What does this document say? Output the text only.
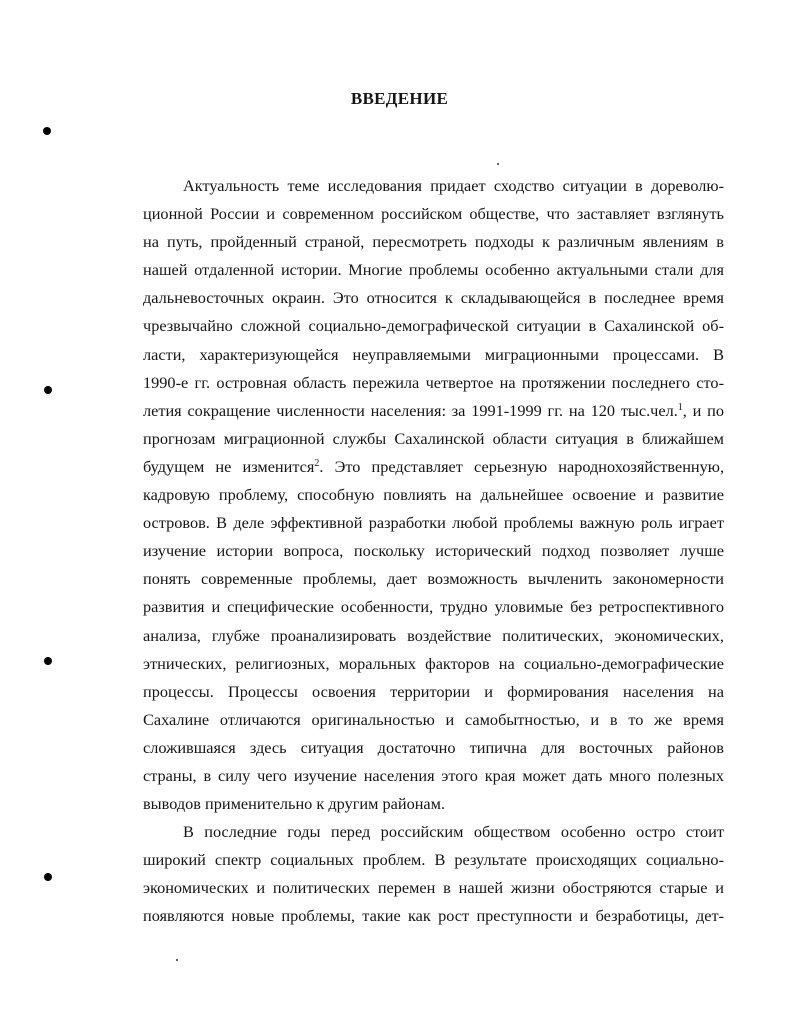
ВВЕДЕНИЕ
Актуальность теме исследования придает сходство ситуации в дореволю-
ционной России и современном российском обществе, что заставляет взглянуть
на путь, пройденный страной, пересмотреть подходы к различным явлениям в
нашей отдаленной истории. Многие проблемы особенно актуальными стали для
дальневосточных окраин. Это относится к складывающейся в последнее время
чрезвычайно сложной социально-демографической ситуации в Сахалинской об-
ласти, характеризующейся неуправляемыми миграционными процессами. В
1990-е гг. островная область пережила четвертое на протяжении последнего сто-
летия сокращение численности населения: за 1991-1999 гг. на 120 тыс.чел.$^1$, и по
прогнозам миграционной службы Сахалинской области ситуация в ближайшем
будущем не изменится$^2$. Это представляет серьезную народнохозяйственную,
кадровую проблему, способную повлиять на дальнейшее освоение и развитие
островов. В деле эффективной разработки любой проблемы важную роль играет
изучение истории вопроса, поскольку исторический подход позволяет лучше
понять современные проблемы, дает возможность вычленить закономерности
развития и специфические особенности, трудно уловимые без ретроспективного
анализа, глубже проанализировать воздействие политических, экономических,
этнических, религиозных, моральных факторов на социально-демографические
процессы. Процессы освоения территории и формирования населения на
Сахалине отличаются оригинальностью и самобытностью, и в то же время
сложившаяся здесь ситуация достаточно типична для восточных районов
страны, в силу чего изучение населения этого края может дать много полезных
выводов применительно к другим районам.
В последние годы перед российским обществом особенно остро стоит
широкий спектр социальных проблем. В результате происходящих социально-
экономических и политических перемен в нашей жизни обостряются старые и
появляются новые проблемы, такие как рост преступности и безработицы, дет-
